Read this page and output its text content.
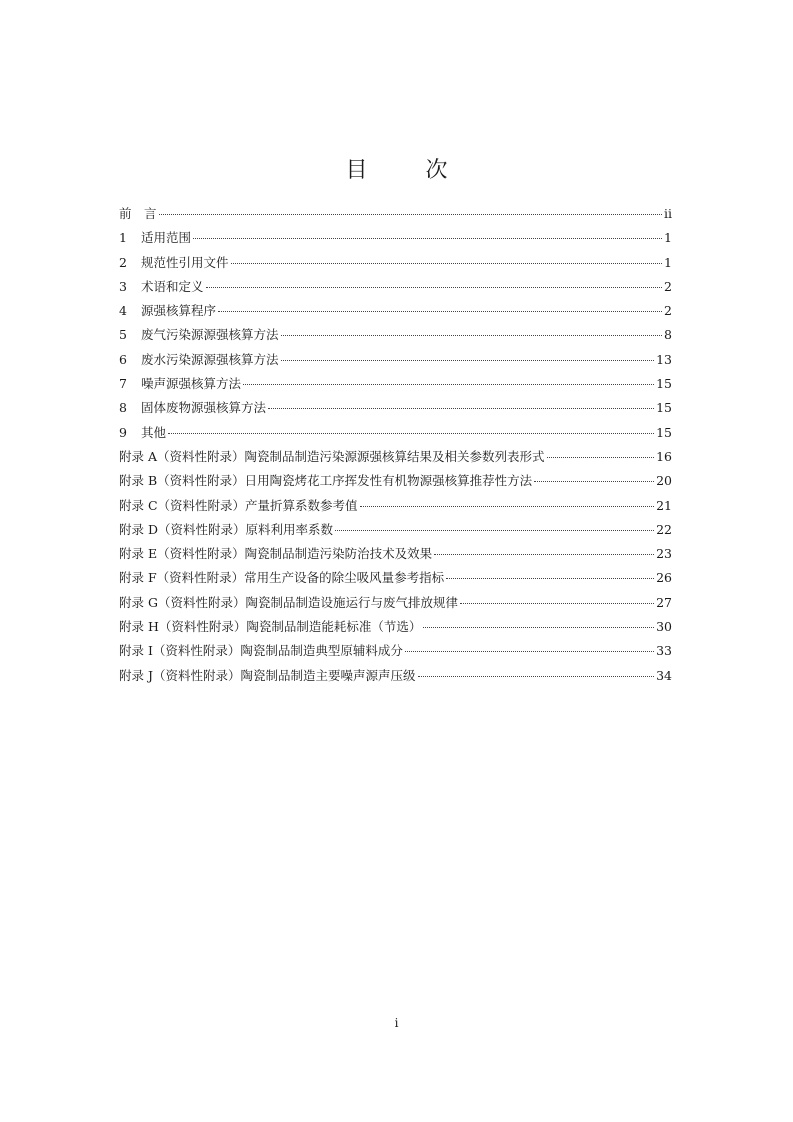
目　次
前　言	ii
1	适用范围	1
2	规范性引用文件	1
3	术语和定义	2
4	源强核算程序	2
5	废气污染源源强核算方法	8
6	废水污染源源强核算方法	13
7	噪声源强核算方法	15
8	固体废物源强核算方法	15
9	其他	15
附录 A（资料性附录）陶瓷制品制造污染源源强核算结果及相关参数列表形式	16
附录 B（资料性附录）日用陶瓷烤花工序挥发性有机物源强核算推荐性方法	20
附录 C（资料性附录）产量折算系数参考值	21
附录 D（资料性附录）原料利用率系数	22
附录 E（资料性附录）陶瓷制品制造污染防治技术及效果	23
附录 F（资料性附录）常用生产设备的除尘吸风量参考指标	26
附录 G（资料性附录）陶瓷制品制造设施运行与废气排放规律	27
附录 H（资料性附录）陶瓷制品制造能耗标准（节选）	30
附录 I（资料性附录）陶瓷制品制造典型原辅料成分	33
附录 J（资料性附录）陶瓷制品制造主要噪声源声压级	34
i
